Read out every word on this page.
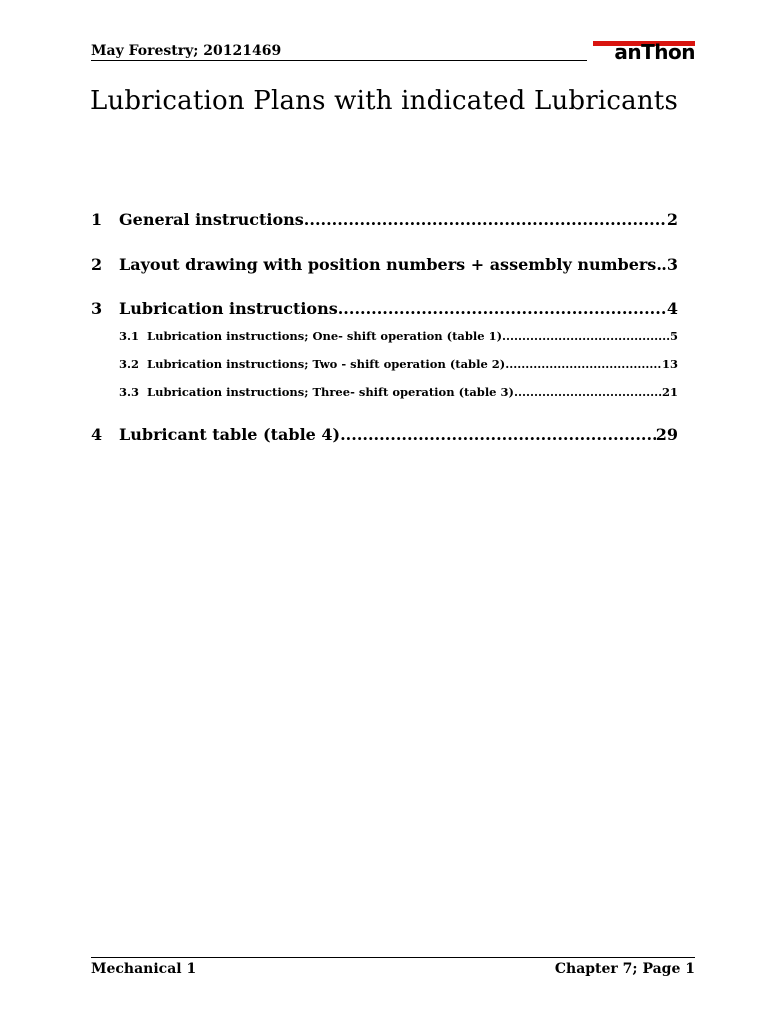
May Forestry; 20121469	anThon
Lubrication Plans with indicated Lubricants
1	General instructions .....	2
2	Layout drawing with position numbers + assembly numbers ..... .3
3	Lubrication instructions .....	4
3.1 Lubrication instructions; One- shift operation (table 1) .....	5
3.2 Lubrication instructions; Two - shift operation (table 2) .....	13
3.3 Lubrication instructions; Three- shift operation (table 3) .....	21
4	Lubricant table (table 4) .....	29
Mechanical 1	Chapter 7; Page 1
